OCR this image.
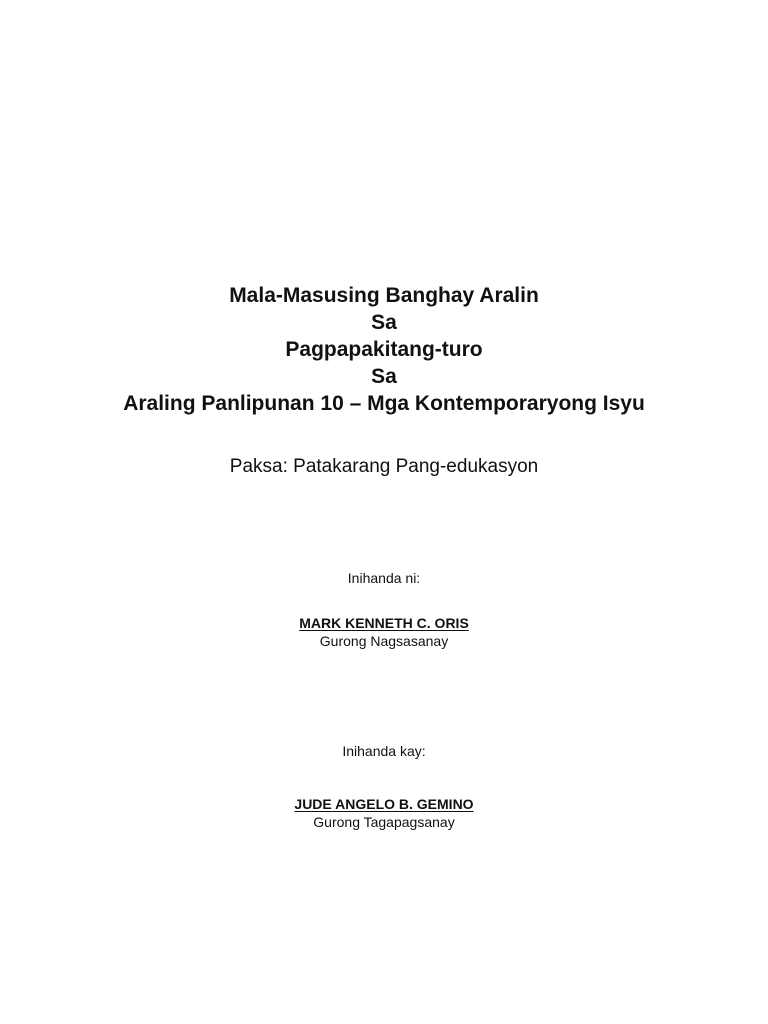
Mala-Masusing Banghay Aralin
Sa
Pagpapakitang-turo
Sa
Araling Panlipunan 10 – Mga Kontemporaryong Isyu
Paksa: Patakarang Pang-edukasyon
Inihanda ni:
MARK KENNETH C. ORIS
Gurong Nagsasanay
Inihanda kay:
JUDE ANGELO B. GEMINO
Gurong Tagapagsanay
